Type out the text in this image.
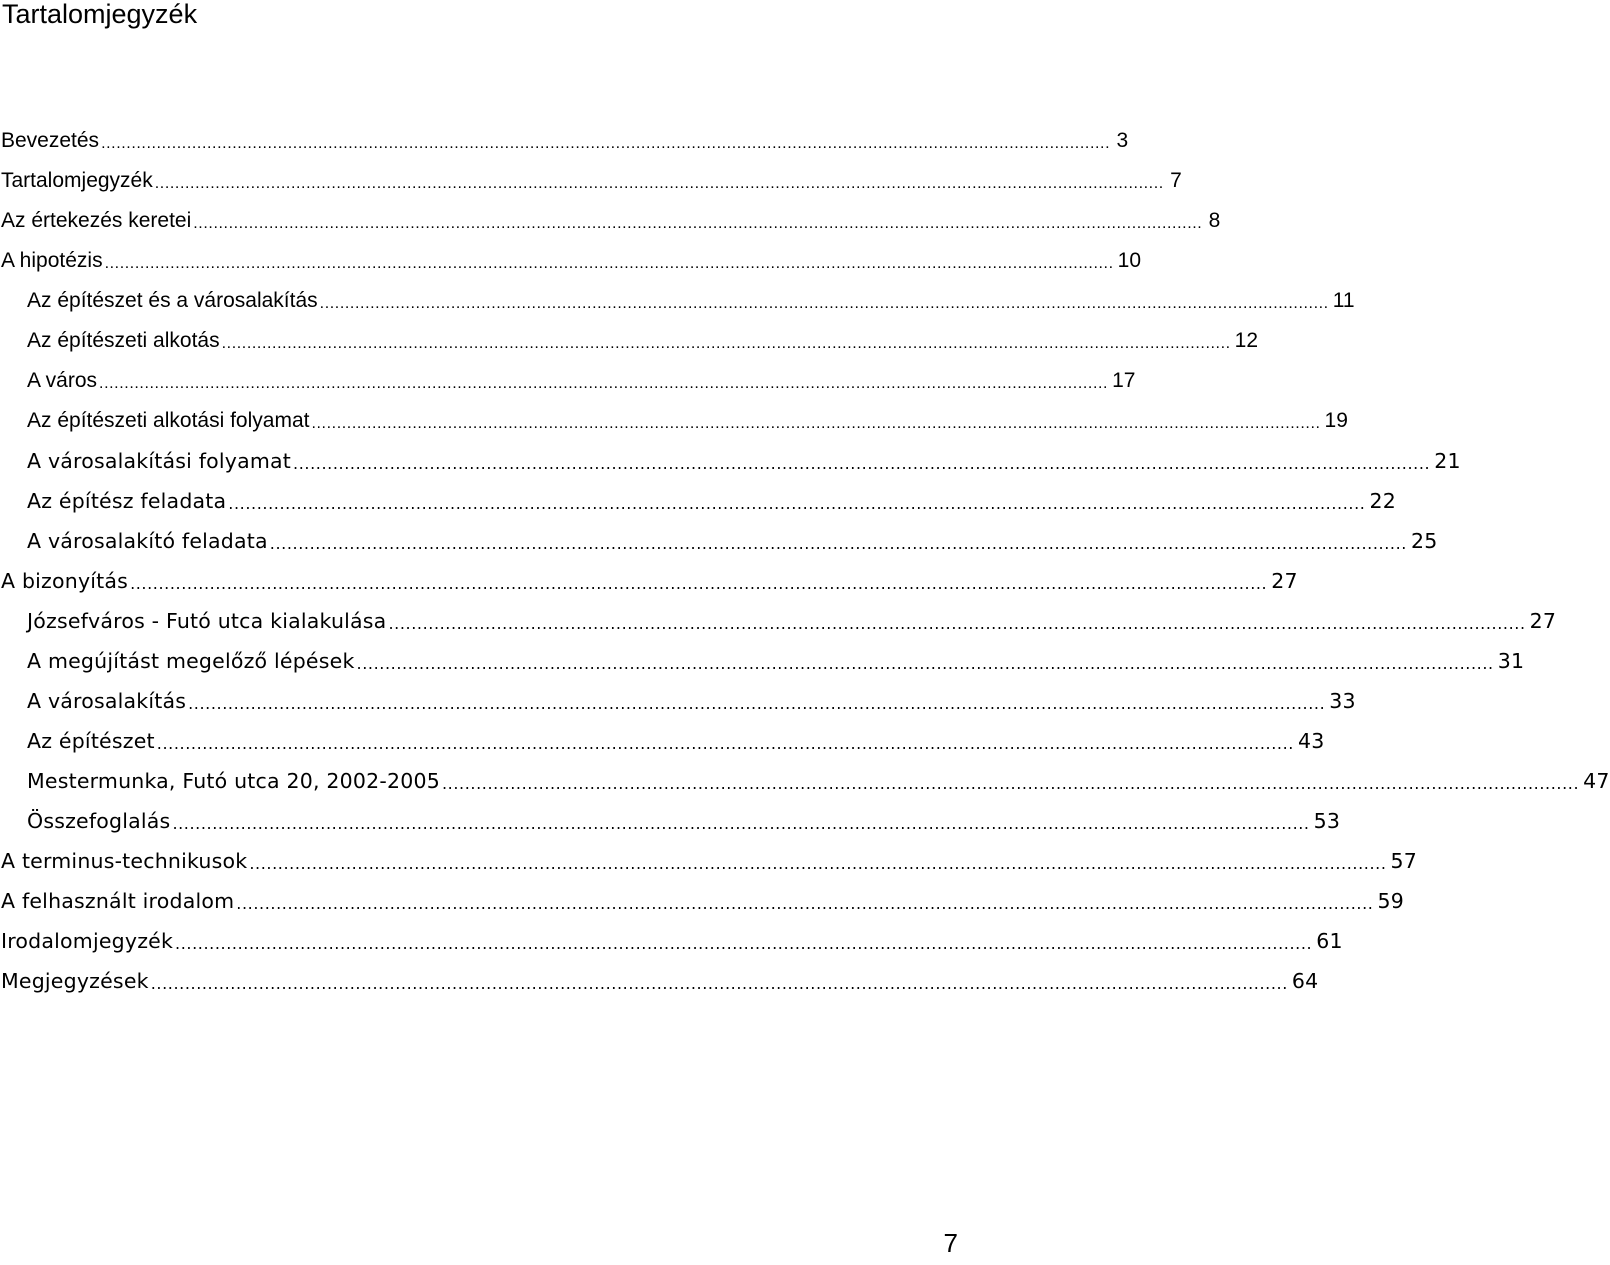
Tartalomjegyzék
Bevezetés ........................................................................................................................................................................................................ 3
Tartalomjegyzék ........................................................................................................................................................................................................ 7
Az értekezés keretei ........................................................................................................................................................................................................ 8
A hipotézis ........................................................................................................................................................................................................ 10
Az építészet és a városalakítás ........................................................................................................................................................................................................ 11
Az építészeti alkotás ........................................................................................................................................................................................................ 12
A város ........................................................................................................................................................................................................ 17
Az építészeti alkotási folyamat ........................................................................................................................................................................................................ 19
A városalakítási folyamat ........................................................................................................................................................................................................ 21
Az építész feladata ........................................................................................................................................................................................................ 22
A városalakító feladata ........................................................................................................................................................................................................ 25
A bizonyítás ........................................................................................................................................................................................................ 27
Józsefváros - Futó utca kialakulása ........................................................................................................................................................................................................ 27
A megújítást megelőző lépések ........................................................................................................................................................................................................ 31
A városalakítás ........................................................................................................................................................................................................ 33
Az építészet ........................................................................................................................................................................................................ 43
Mestermunka, Futó utca 20, 2002-2005 ........................................................................................................................................................................................................ 47
Összefoglalás ........................................................................................................................................................................................................ 53
A terminus-technikusok ........................................................................................................................................................................................................ 57
A felhasznált irodalom ........................................................................................................................................................................................................ 59
Irodalomjegyzék ........................................................................................................................................................................................................ 61
Megjegyzések ........................................................................................................................................................................................................ 64
7
